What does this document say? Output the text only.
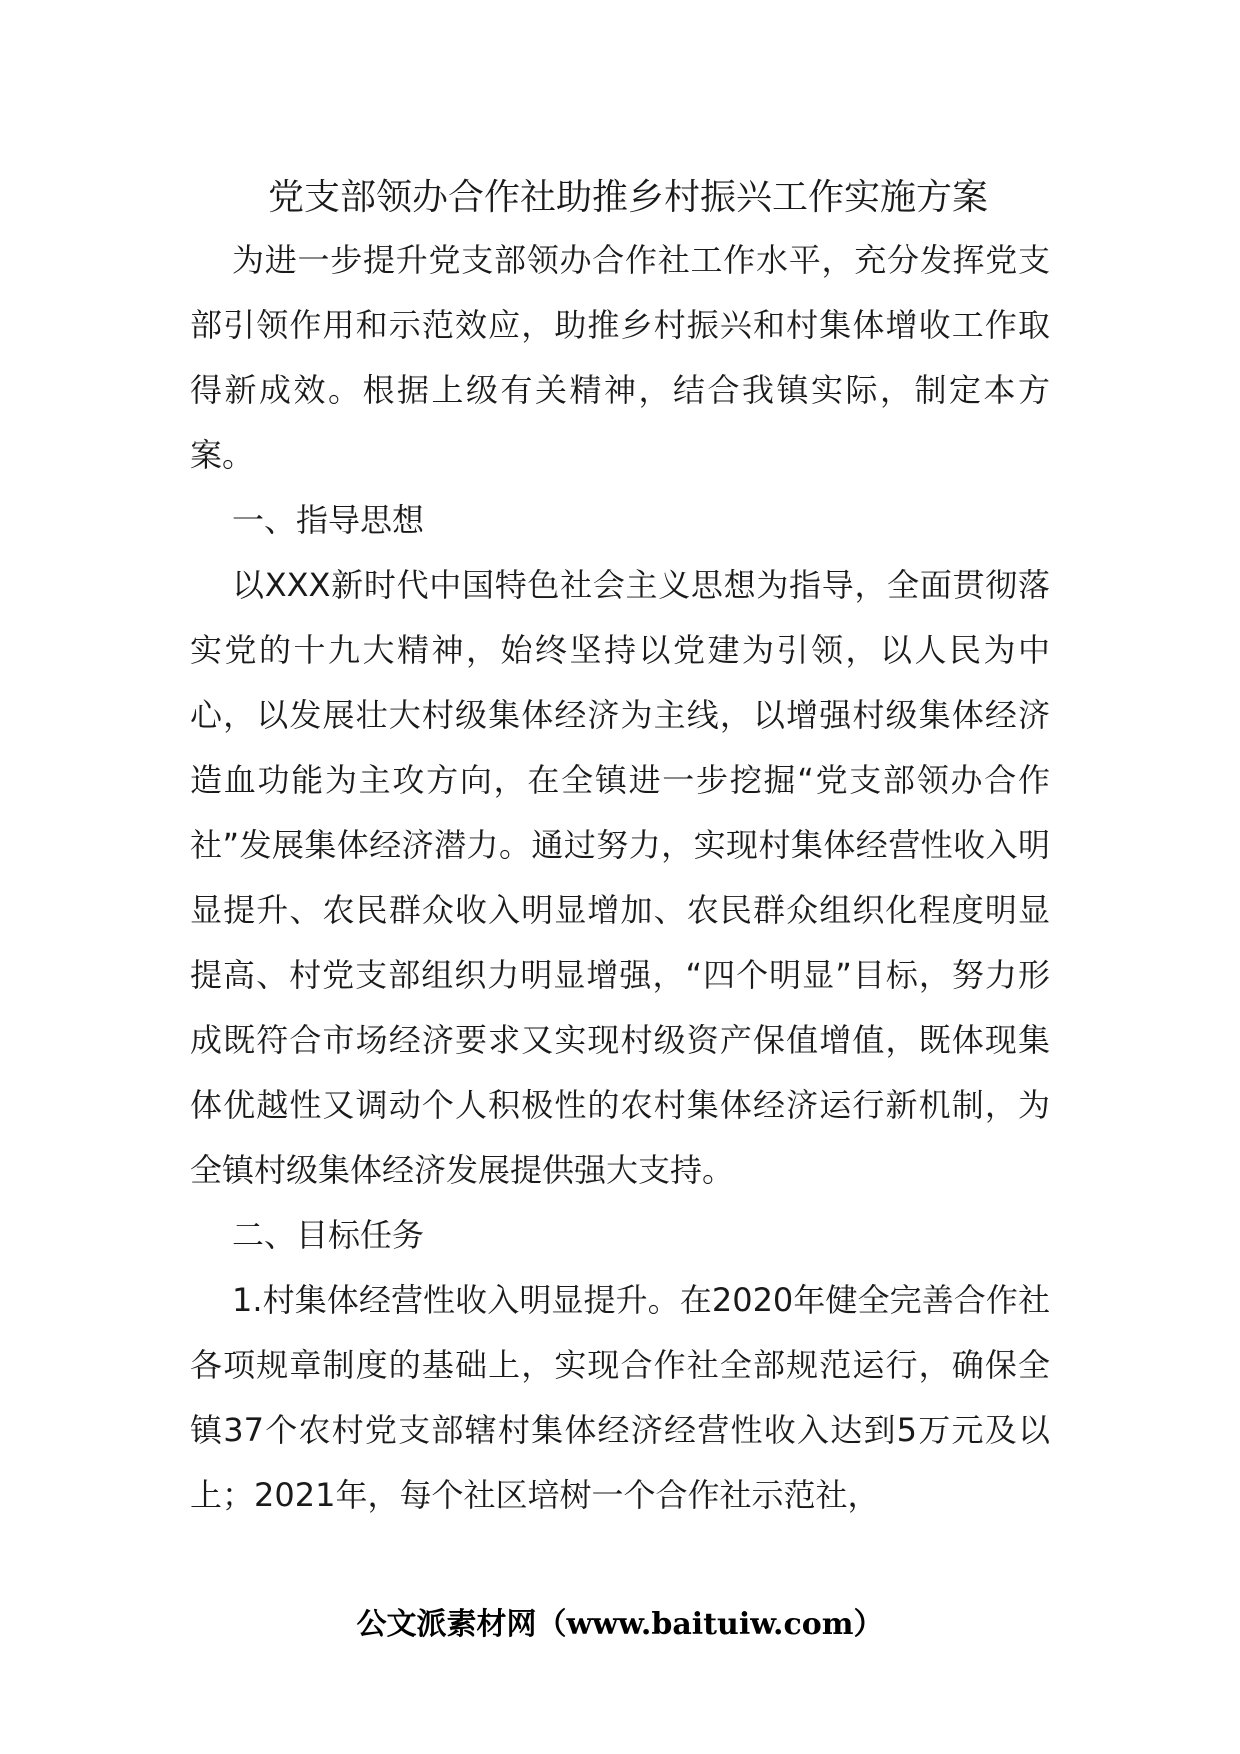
党支部领办合作社助推乡村振兴工作实施方案

为进一步提升党支部领办合作社工作水平，充分发挥党支部引领作用和示范效应，助推乡村振兴和村集体增收工作取得新成效。根据上级有关精神，结合我镇实际，制定本方案。

一、指导思想

以XXX新时代中国特色社会主义思想为指导，全面贯彻落实党的十九大精神，始终坚持以党建为引领，以人民为中心，以发展壮大村级集体经济为主线，以增强村级集体经济造血功能为主攻方向，在全镇进一步挖掘“党支部领办合作社”发展集体经济潜力。通过努力，实现村集体经营性收入明显提升、农民群众收入明显增加、农民群众组织化程度明显提高、村党支部组织力明显增强，“四个明显”目标，努力形成既符合市场经济要求又实现村级资产保值增值，既体现集体优越性又调动个人积极性的农村集体经济运行新机制，为全镇村级集体经济发展提供强大支持。

二、目标任务

1.村集体经营性收入明显提升。在2020年健全完善合作社各项规章制度的基础上，实现合作社全部规范运行，确保全镇37个农村党支部辖村集体经济经营性收入达到5万元及以上；2021年，每个社区培树一个合作社示范社，

公文派素材网（www.baituiw.com）
